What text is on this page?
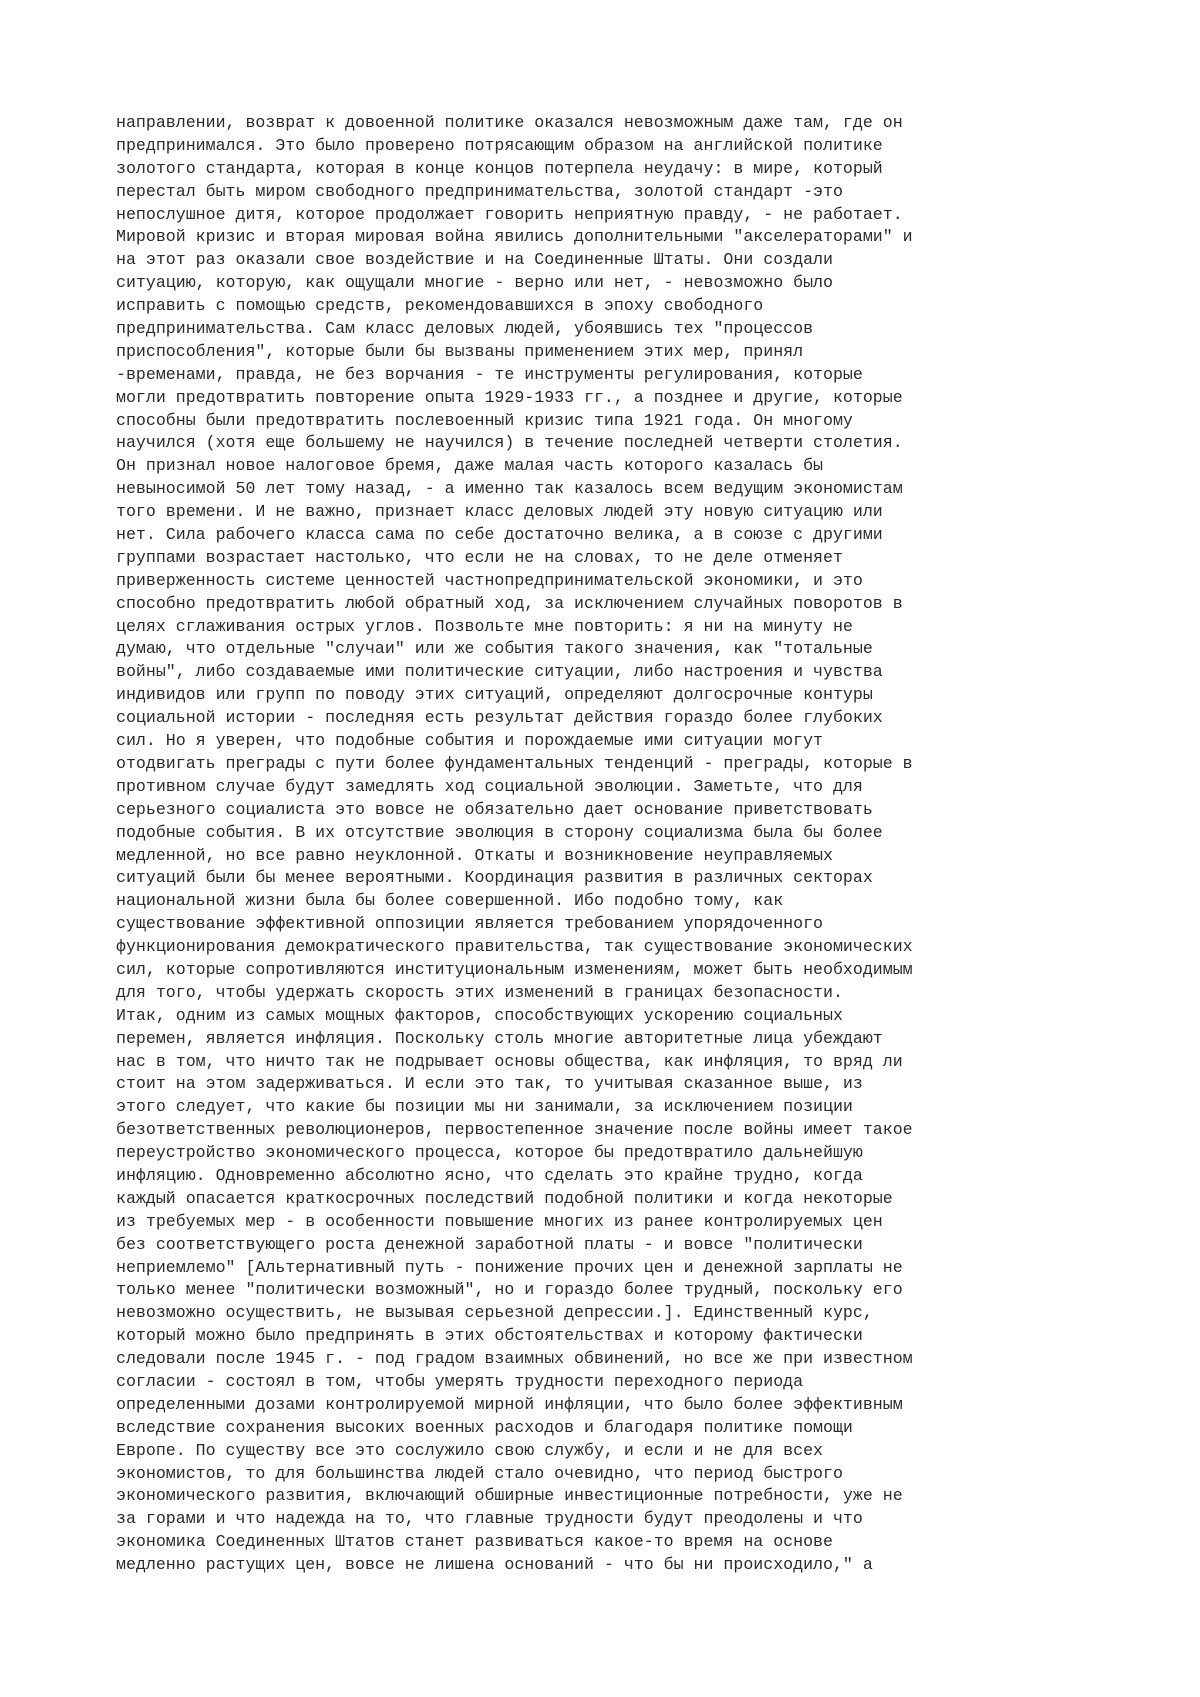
направлении, возврат к довоенной политике оказался невозможным даже там, где он
предпринимался. Это было проверено потрясающим образом на английской политике
золотого стандарта, которая в конце концов потерпела неудачу: в мире, который
перестал быть миром свободного предпринимательства, золотой стандарт -это
непослушное дитя, которое продолжает говорить неприятную правду, - не работает.
Мировой кризис и вторая мировая война явились дополнительными "акселераторами" и
на этот раз оказали свое воздействие и на Соединенные Штаты. Они создали
ситуацию, которую, как ощущали многие - верно или нет, - невозможно было
исправить с помощью средств, рекомендовавшихся в эпоху свободного
предпринимательства. Сам класс деловых людей, убоявшись тех "процессов
приспособления", которые были бы вызваны применением этих мер, принял
-временами, правда, не без ворчания - те инструменты регулирования, которые
могли предотвратить повторение опыта 1929-1933 гг., а позднее и другие, которые
способны были предотвратить послевоенный кризис типа 1921 года. Он многому
научился (хотя еще большему не научился) в течение последней четверти столетия.
Он признал новое налоговое бремя, даже малая часть которого казалась бы
невыносимой 50 лет тому назад, - а именно так казалось всем ведущим экономистам
того времени. И не важно, признает класс деловых людей эту новую ситуацию или
нет. Сила рабочего класса сама по себе достаточно велика, а в союзе с другими
группами возрастает настолько, что если не на словах, то не деле отменяет
приверженность системе ценностей частнопредпринимательской экономики, и это
способно предотвратить любой обратный ход, за исключением случайных поворотов в
целях сглаживания острых углов. Позвольте мне повторить: я ни на минуту не
думаю, что отдельные "случаи" или же события такого значения, как "тотальные
войны", либо создаваемые ими политические ситуации, либо настроения и чувства
индивидов или групп по поводу этих ситуаций, определяют долгосрочные контуры
социальной истории - последняя есть результат действия гораздо более глубоких
сил. Но я уверен, что подобные события и порождаемые ими ситуации могут
отодвигать преграды с пути более фундаментальных тенденций - преграды, которые в
противном случае будут замедлять ход социальной эволюции. Заметьте, что для
серьезного социалиста это вовсе не обязательно дает основание приветствовать
подобные события. В их отсутствие эволюция в сторону социализма была бы более
медленной, но все равно неуклонной. Откаты и возникновение неуправляемых
ситуаций были бы менее вероятными. Координация развития в различных секторах
национальной жизни была бы более совершенной. Ибо подобно тому, как
существование эффективной оппозиции является требованием упорядоченного
функционирования демократического правительства, так существование экономических
сил, которые сопротивляются институциональным изменениям, может быть необходимым
для того, чтобы удержать скорость этих изменений в границах безопасности.
Итак, одним из самых мощных факторов, способствующих ускорению социальных
перемен, является инфляция. Поскольку столь многие авторитетные лица убеждают
нас в том, что ничто так не подрывает основы общества, как инфляция, то вряд ли
стоит на этом задерживаться. И если это так, то учитывая сказанное выше, из
этого следует, что какие бы позиции мы ни занимали, за исключением позиции
безответственных революционеров, первостепенное значение после войны имеет такое
переустройство экономического процесса, которое бы предотвратило дальнейшую
инфляцию. Одновременно абсолютно ясно, что сделать это крайне трудно, когда
каждый опасается краткосрочных последствий подобной политики и когда некоторые
из требуемых мер - в особенности повышение многих из ранее контролируемых цен
без соответствующего роста денежной заработной платы - и вовсе "политически
неприемлемо" [Альтернативный путь - понижение прочих цен и денежной зарплаты не
только менее "политически возможный", но и гораздо более трудный, поскольку его
невозможно осуществить, не вызывая серьезной депрессии.]. Единственный курс,
который можно было предпринять в этих обстоятельствах и которому фактически
следовали после 1945 г. - под градом взаимных обвинений, но все же при известном
согласии - состоял в том, чтобы умерять трудности переходного периода
определенными дозами контролируемой мирной инфляции, что было более эффективным
вследствие сохранения высоких военных расходов и благодаря политике помощи
Европе. По существу все это сослужило свою службу, и если и не для всех
экономистов, то для большинства людей стало очевидно, что период быстрого
экономического развития, включающий обширные инвестиционные потребности, уже не
за горами и что надежда на то, что главные трудности будут преодолены и что
экономика Соединенных Штатов станет развиваться какое-то время на основе
медленно растущих цен, вовсе не лишена оснований - что бы ни происходило," а
